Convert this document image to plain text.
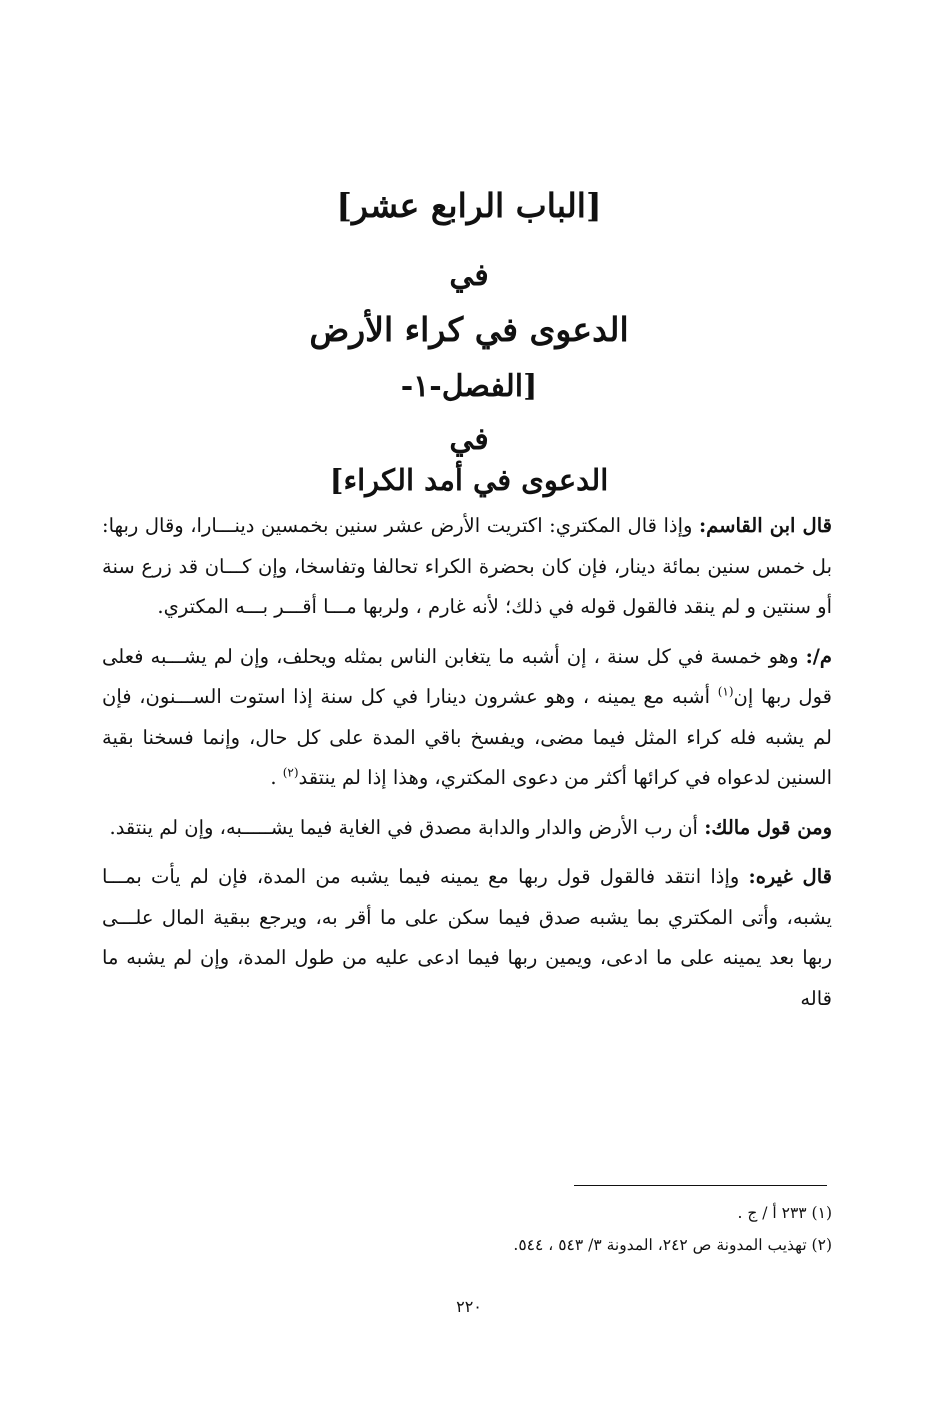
[الباب الرابع عشر]
في
الدعوى في كراء الأرض
[الفصل-١-
في
الدعوى في أمد الكراء]

قال ابن القاسم: وإذا قال المكتري: اكتريت الأرض عشر سنين بخمسين دينـــارا، وقال ربها: بل خمس سنين بمائة دينار، فإن كان بحضرة الكراء تحالفا وتفاسخا، وإن كـــان قد زرع سنة أو سنتين و لم ينقد فالقول قوله في ذلك؛ لأنه غارم ، ولربها مـــا أقـــر بـــه المكتري.

م/: وهو خمسة في كل سنة ، إن أشبه ما يتغابن الناس بمثله ويحلف، وإن لم يشـــبه فعلى قول ربها إن$^{(١)}$ أشبه مع يمينه ، وهو عشرون دينارا في كل سنة إذا استوت الســـنون، فإن لم يشبه فله كراء المثل فيما مضى، ويفسخ باقي المدة على كل حال، وإنما فسخنا بقية السنين لدعواه في كرائها أكثر من دعوى المكتري، وهذا إذا لم ينتقد$^{(٢)}$ .

ومن قول مالك: أن رب الأرض والدار والدابة مصدق في الغاية فيما يشـــــبه، وإن لم ينتقد.

قال غيره: وإذا انتقد فالقول قول ربها مع يمينه فيما يشبه من المدة، فإن لم يأت بمـــا يشبه، وأتى المكتري بما يشبه صدق فيما سكن على ما أقر به، ويرجع ببقية المال علـــى ربها بعد يمينه على ما ادعى، ويمين ربها فيما ادعى عليه من طول المدة، وإن لم يشبه ما قاله

(١) ٢٣٣ أ / ج .
(٢) تهذيب المدونة ص ٢٤٢، المدونة ٣/ ٥٤٣ ، ٥٤٤.
٢٢٠
